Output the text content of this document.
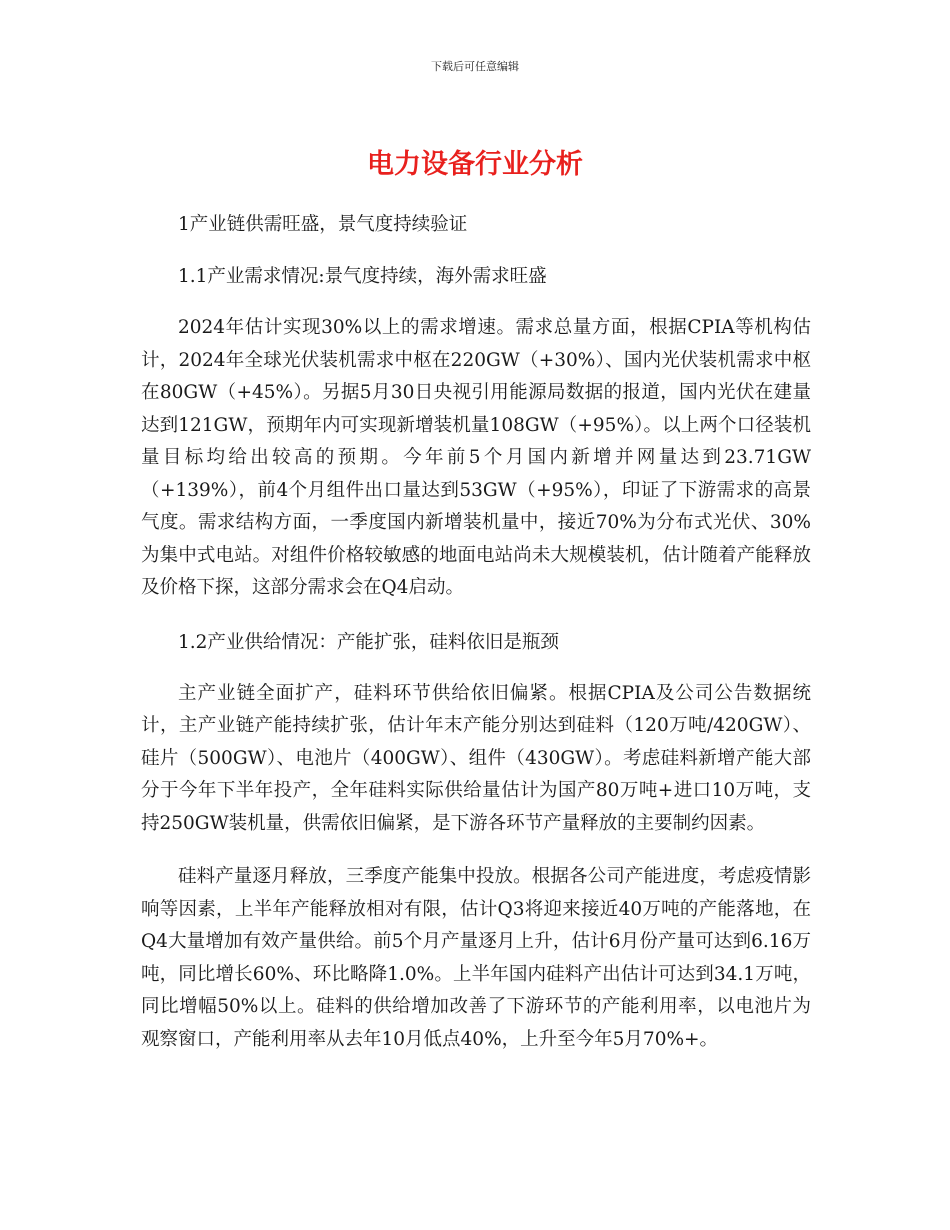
下载后可任意编辑
电力设备行业分析

1产业链供需旺盛，景气度持续验证

1.1产业需求情况:景气度持续，海外需求旺盛

2024年估计实现30%以上的需求增速。需求总量方面，根据CPIA等机构估计，2024年全球光伏装机需求中枢在220GW（+30%）、国内光伏装机需求中枢在80GW（+45%）。另据5月30日央视引用能源局数据的报道，国内光伏在建量达到121GW，预期年内可实现新增装机量108GW（+95%）。以上两个口径装机量目标均给出较高的预期。今年前5个月国内新增并网量达到23.71GW（+139%），前4个月组件出口量达到53GW（+95%），印证了下游需求的高景气度。需求结构方面，一季度国内新增装机量中，接近70%为分布式光伏、30%为集中式电站。对组件价格较敏感的地面电站尚未大规模装机，估计随着产能释放及价格下探，这部分需求会在Q4启动。

1.2产业供给情况：产能扩张，硅料依旧是瓶颈

主产业链全面扩产，硅料环节供给依旧偏紧。根据CPIA及公司公告数据统计，主产业链产能持续扩张，估计年末产能分别达到硅料（120万吨/420GW）、硅片（500GW）、电池片（400GW）、组件（430GW）。考虑硅料新增产能大部分于今年下半年投产，全年硅料实际供给量估计为国产80万吨+进口10万吨，支持250GW装机量，供需依旧偏紧，是下游各环节产量释放的主要制约因素。

硅料产量逐月释放，三季度产能集中投放。根据各公司产能进度，考虑疫情影响等因素，上半年产能释放相对有限，估计Q3将迎来接近40万吨的产能落地，在Q4大量增加有效产量供给。前5个月产量逐月上升，估计6月份产量可达到6.16万吨，同比增长60%、环比略降1.0%。上半年国内硅料产出估计可达到34.1万吨，同比增幅50%以上。硅料的供给增加改善了下游环节的产能利用率，以电池片为观察窗口，产能利用率从去年10月低点40%，上升至今年5月70%+。
